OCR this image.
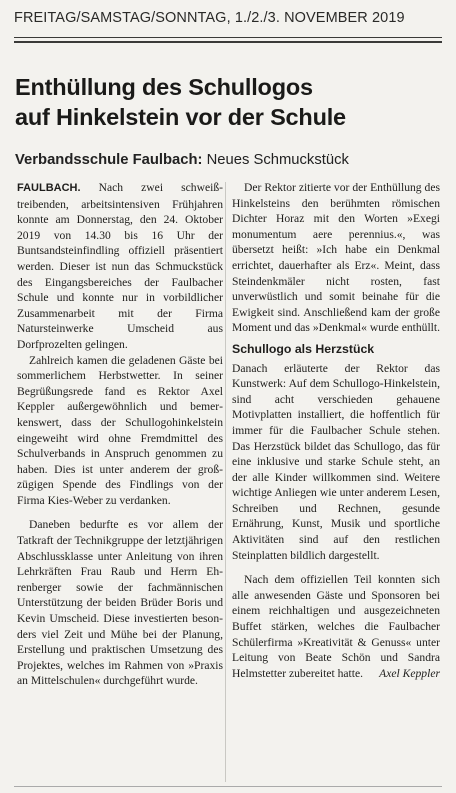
FREITAG/SAMSTAG/SONNTAG, 1./2./3. NOVEMBER 2019
Enthüllung des Schullogos
auf Hinkelstein vor der Schule
Verbandsschule Faulbach: Neues Schmuckstück

FAULBACH. Nach zwei schweißtreibenden, arbeitsintensiven Frühjahren konnte am Donnerstag, den 24. Oktober 2019 von 14.30 bis 16 Uhr der Buntsandsteinfindling offiziell präsentiert werden. Dieser ist nun das Schmuckstück des Eingangsbereiches der Faulbacher Schule und konnte nur in vorbildlicher Zusammenarbeit mit der Firma Natursteinwerke Umscheid aus Dorfprozelten gelingen.

Zahlreich kamen die geladenen Gäste bei sommerlichem Herbstwetter. In seiner Begrüßungsrede fand es Rektor Axel Keppler außergewöhnlich und bemerkenswert, dass der Schullogohinkelstein eingeweiht wird ohne Fremdmittel des Schulverbands in Anspruch genommen zu haben. Dies ist unter anderem der großzügigen Spende des Findlings von der Firma Kies-Weber zu verdanken.

Daneben bedurfte es vor allem der Tatkraft der Technikgruppe der letztjährigen Abschlussklasse unter Anleitung von ihren Lehrkräften Frau Raub und Herrn Ehrenberger sowie der fachmännischen Unterstützung der beiden Brüder Boris und Kevin Umscheid. Diese investierten besonders viel Zeit und Mühe bei der Planung, Erstellung und praktischen Umsetzung des Projektes, welches im Rahmen von »Praxis an Mittelschulen« durchgeführt wurde.

Der Rektor zitierte vor der Enthüllung des Hinkelsteins den berühmten römischen Dichter Horaz mit den Worten »Exegi monumentum aere perennius.«, was übersetzt heißt: »Ich habe ein Denkmal errichtet, dauerhafter als Erz«. Meint, dass Steindenkmäler nicht rosten, fast unverwüstlich und somit beinahe für die Ewigkeit sind. Anschließend kam der große Moment und das »Denkmal« wurde enthüllt.

Schullogo als Herzstück

Danach erläuterte der Rektor das Kunstwerk: Auf dem Schullogo-Hinkelstein, sind acht verschieden gehauene Motivplatten installiert, die hoffentlich für immer für die Faulbacher Schule stehen. Das Herzstück bildet das Schullogo, das für eine inklusive und starke Schule steht, an der alle Kinder willkommen sind. Weitere wichtige Anliegen wie unter anderem Lesen, Schreiben und Rechnen, gesunde Ernährung, Kunst, Musik und sportliche Aktivitäten sind auf den restlichen Steinplatten bildlich dargestellt.

Nach dem offiziellen Teil konnten sich alle anwesenden Gäste und Sponsoren bei einem reichhaltigen und ausgezeichneten Buffet stärken, welches die Faulbacher Schülerfirma »Kreativität & Genuss« unter Leitung von Beate Schön und Sandra Helmstetter zubereitet hatte.	Axel Keppler
